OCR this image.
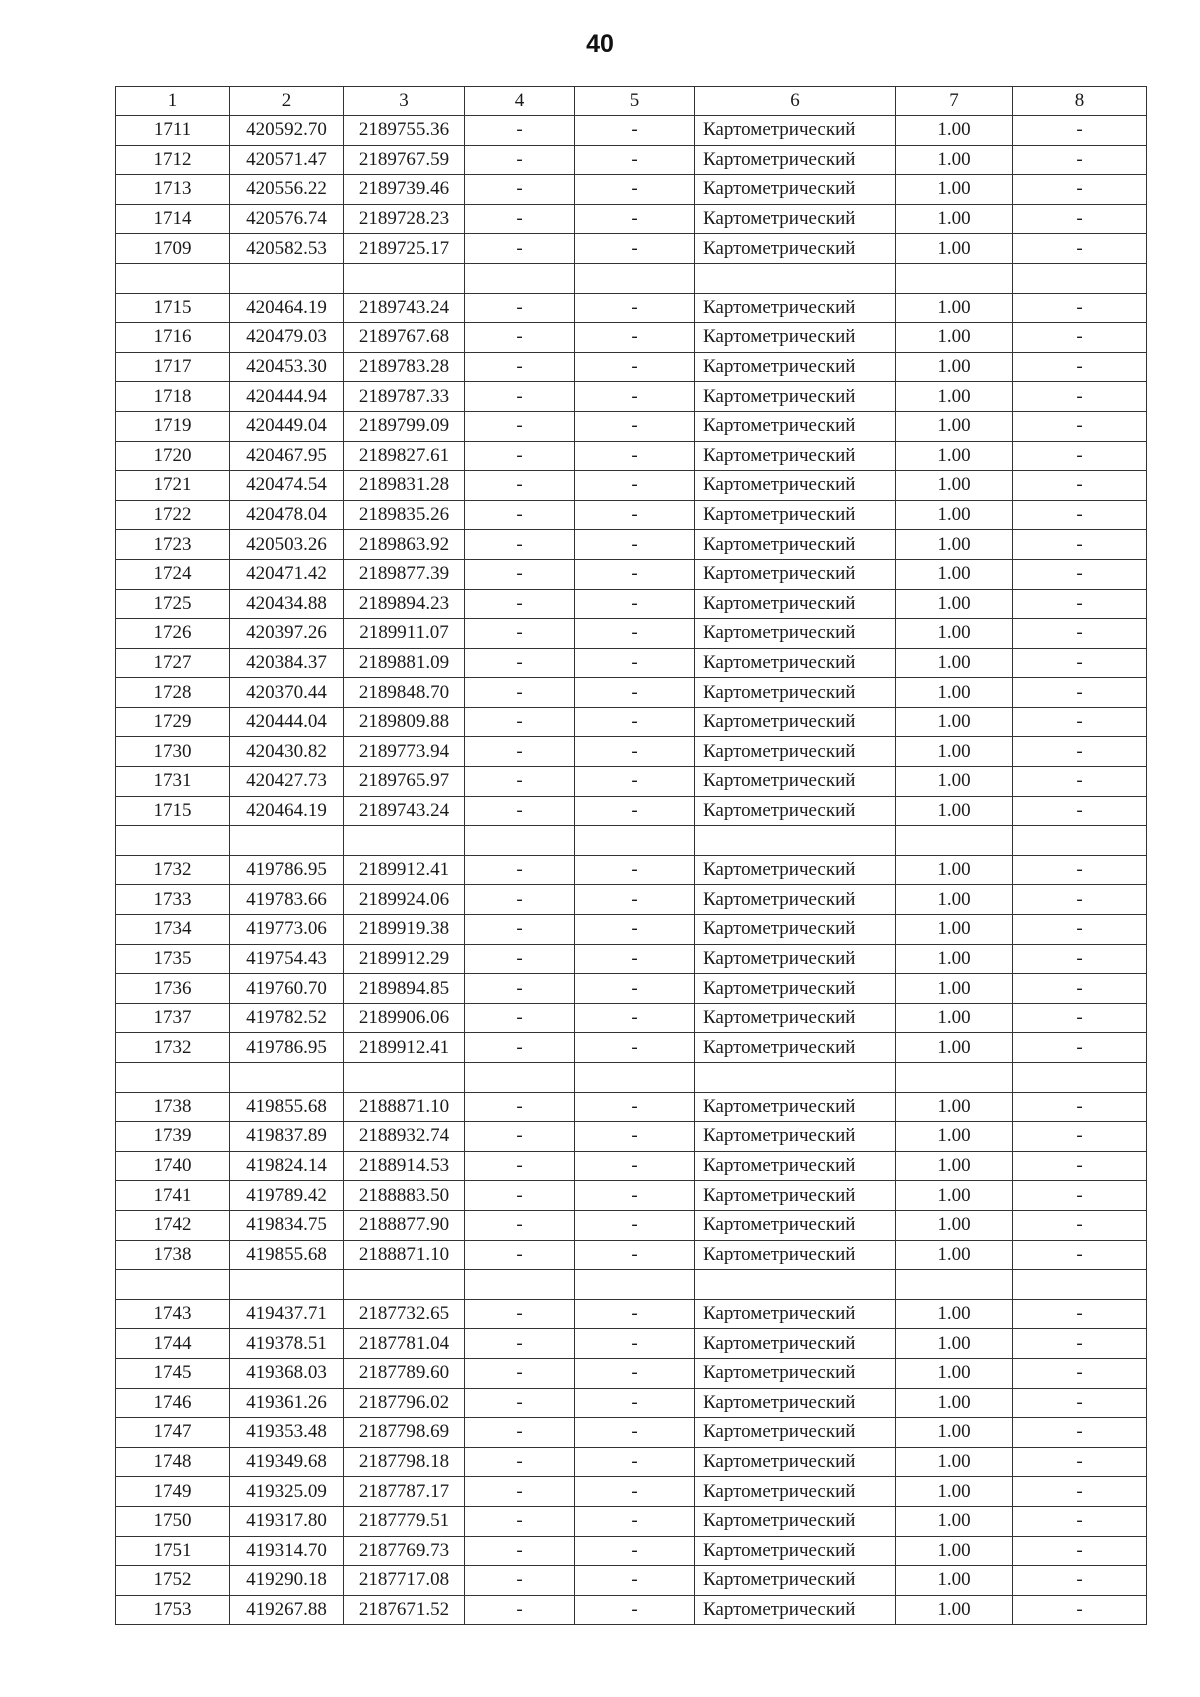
40
1	2	3	4	5	6	7	8
1711	420592.70	2189755.36	-	-	Картометрический	1.00	-
1712	420571.47	2189767.59	-	-	Картометрический	1.00	-
1713	420556.22	2189739.46	-	-	Картометрический	1.00	-
1714	420576.74	2189728.23	-	-	Картометрический	1.00	-
1709	420582.53	2189725.17	-	-	Картометрический	1.00	-

1715	420464.19	2189743.24	-	-	Картометрический	1.00	-
1716	420479.03	2189767.68	-	-	Картометрический	1.00	-
1717	420453.30	2189783.28	-	-	Картометрический	1.00	-
1718	420444.94	2189787.33	-	-	Картометрический	1.00	-
1719	420449.04	2189799.09	-	-	Картометрический	1.00	-
1720	420467.95	2189827.61	-	-	Картометрический	1.00	-
1721	420474.54	2189831.28	-	-	Картометрический	1.00	-
1722	420478.04	2189835.26	-	-	Картометрический	1.00	-
1723	420503.26	2189863.92	-	-	Картометрический	1.00	-
1724	420471.42	2189877.39	-	-	Картометрический	1.00	-
1725	420434.88	2189894.23	-	-	Картометрический	1.00	-
1726	420397.26	2189911.07	-	-	Картометрический	1.00	-
1727	420384.37	2189881.09	-	-	Картометрический	1.00	-
1728	420370.44	2189848.70	-	-	Картометрический	1.00	-
1729	420444.04	2189809.88	-	-	Картометрический	1.00	-
1730	420430.82	2189773.94	-	-	Картометрический	1.00	-
1731	420427.73	2189765.97	-	-	Картометрический	1.00	-
1715	420464.19	2189743.24	-	-	Картометрический	1.00	-

1732	419786.95	2189912.41	-	-	Картометрический	1.00	-
1733	419783.66	2189924.06	-	-	Картометрический	1.00	-
1734	419773.06	2189919.38	-	-	Картометрический	1.00	-
1735	419754.43	2189912.29	-	-	Картометрический	1.00	-
1736	419760.70	2189894.85	-	-	Картометрический	1.00	-
1737	419782.52	2189906.06	-	-	Картометрический	1.00	-
1732	419786.95	2189912.41	-	-	Картометрический	1.00	-

1738	419855.68	2188871.10	-	-	Картометрический	1.00	-
1739	419837.89	2188932.74	-	-	Картометрический	1.00	-
1740	419824.14	2188914.53	-	-	Картометрический	1.00	-
1741	419789.42	2188883.50	-	-	Картометрический	1.00	-
1742	419834.75	2188877.90	-	-	Картометрический	1.00	-
1738	419855.68	2188871.10	-	-	Картометрический	1.00	-

1743	419437.71	2187732.65	-	-	Картометрический	1.00	-
1744	419378.51	2187781.04	-	-	Картометрический	1.00	-
1745	419368.03	2187789.60	-	-	Картометрический	1.00	-
1746	419361.26	2187796.02	-	-	Картометрический	1.00	-
1747	419353.48	2187798.69	-	-	Картометрический	1.00	-
1748	419349.68	2187798.18	-	-	Картометрический	1.00	-
1749	419325.09	2187787.17	-	-	Картометрический	1.00	-
1750	419317.80	2187779.51	-	-	Картометрический	1.00	-
1751	419314.70	2187769.73	-	-	Картометрический	1.00	-
1752	419290.18	2187717.08	-	-	Картометрический	1.00	-
1753	419267.88	2187671.52	-	-	Картометрический	1.00	-
